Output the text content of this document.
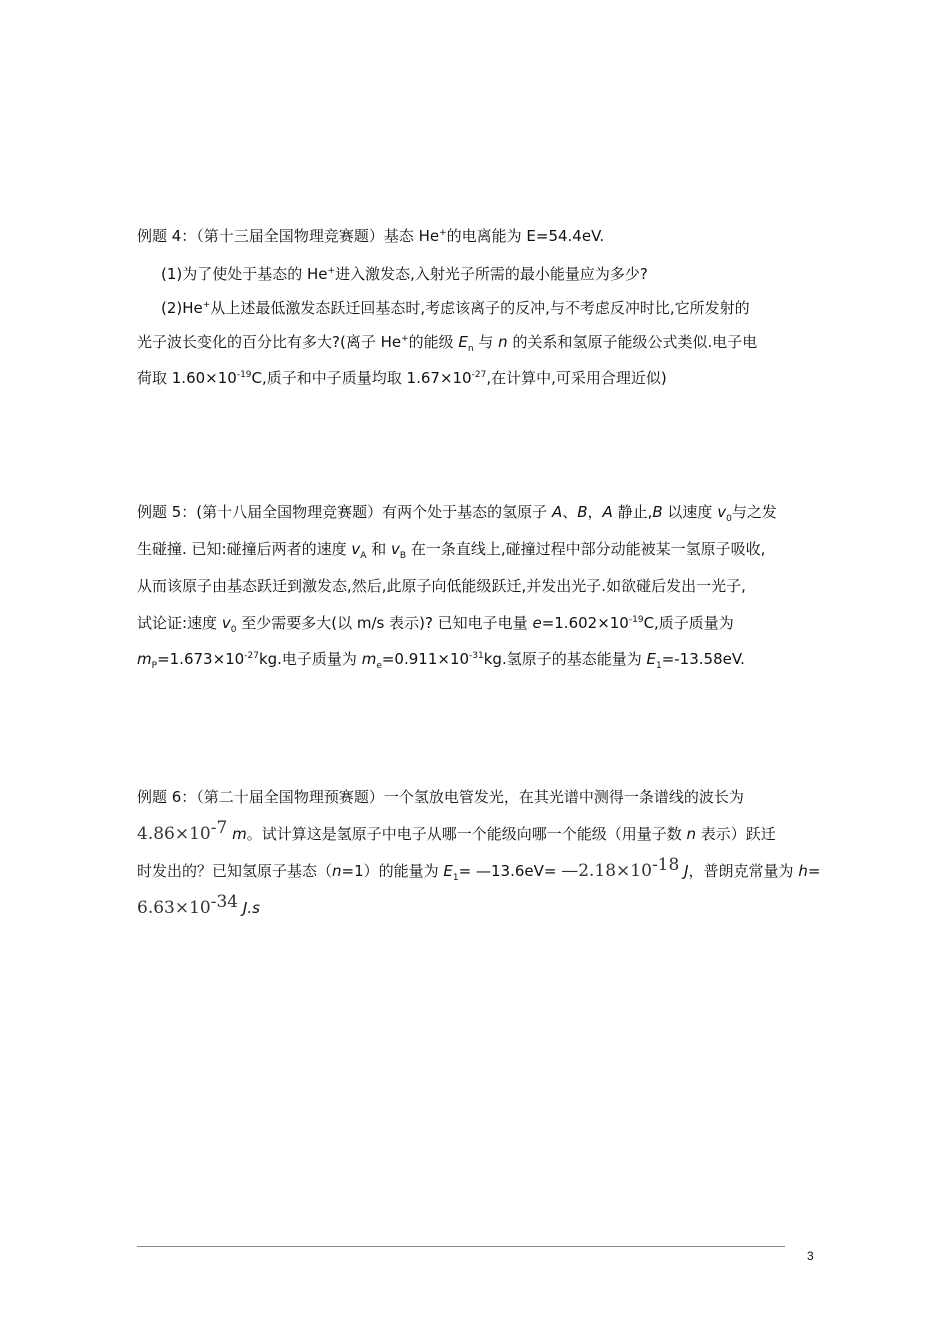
例题 4：（第十三届全国物理竞赛题）基态 He+的电离能为 E=54.4eV.
(1)为了使处于基态的 He+进入激发态,入射光子所需的最小能量应为多少?
(2)He+从上述最低激发态跃迁回基态时,考虑该离子的反冲,与不考虑反冲时比,它所发射的
光子波长变化的百分比有多大?(离子 He+的能级 $E_n$ 与 n 的关系和氢原子能级公式类似.电子电
荷取 $1.60\times 10^{-19}C$,质子和中子质量均取 $1.67\times 10^{-27}$,在计算中,可采用合理近似)
例题 5：(第十八届全国物理竞赛题）有两个处于基态的氢原子 A、B，A 静止,B 以速度 $v_0$与之发
生碰撞. 已知:碰撞后两者的速度 $v_A$ 和 $v_B$ 在一条直线上,碰撞过程中部分动能被某一氢原子吸收,
从而该原子由基态跃迁到激发态,然后,此原子向低能级跃迁,并发出光子.如欲碰后发出一光子,
试论证:速度 $v_0$ 至少需要多大(以 m/s 表示)? 已知电子电量 $e=1.602\times 10^{-19}C$,质子质量为
$m_P=1.673\times 10^{-27}kg$.电子质量为 $m_e=0.911\times 10^{-31}kg$.氢原子的基态能量为 $E_1=-13.58eV$.
例题 6：（第二十届全国物理预赛题）一个氢放电管发光，在其光谱中测得一条谱线的波长为
$4.86\times 10^{-7}$ m。试计算这是氢原子中电子从哪一个能级向哪一个能级（用量子数 n 表示）跃迁
时发出的？已知氢原子基态（n=1）的能量为 $E_1=$ —13.6eV= $—2.18\times 10^{-18}$ J，普朗克常量为 h=
$6.63\times 10^{-34}$ J.s
3
